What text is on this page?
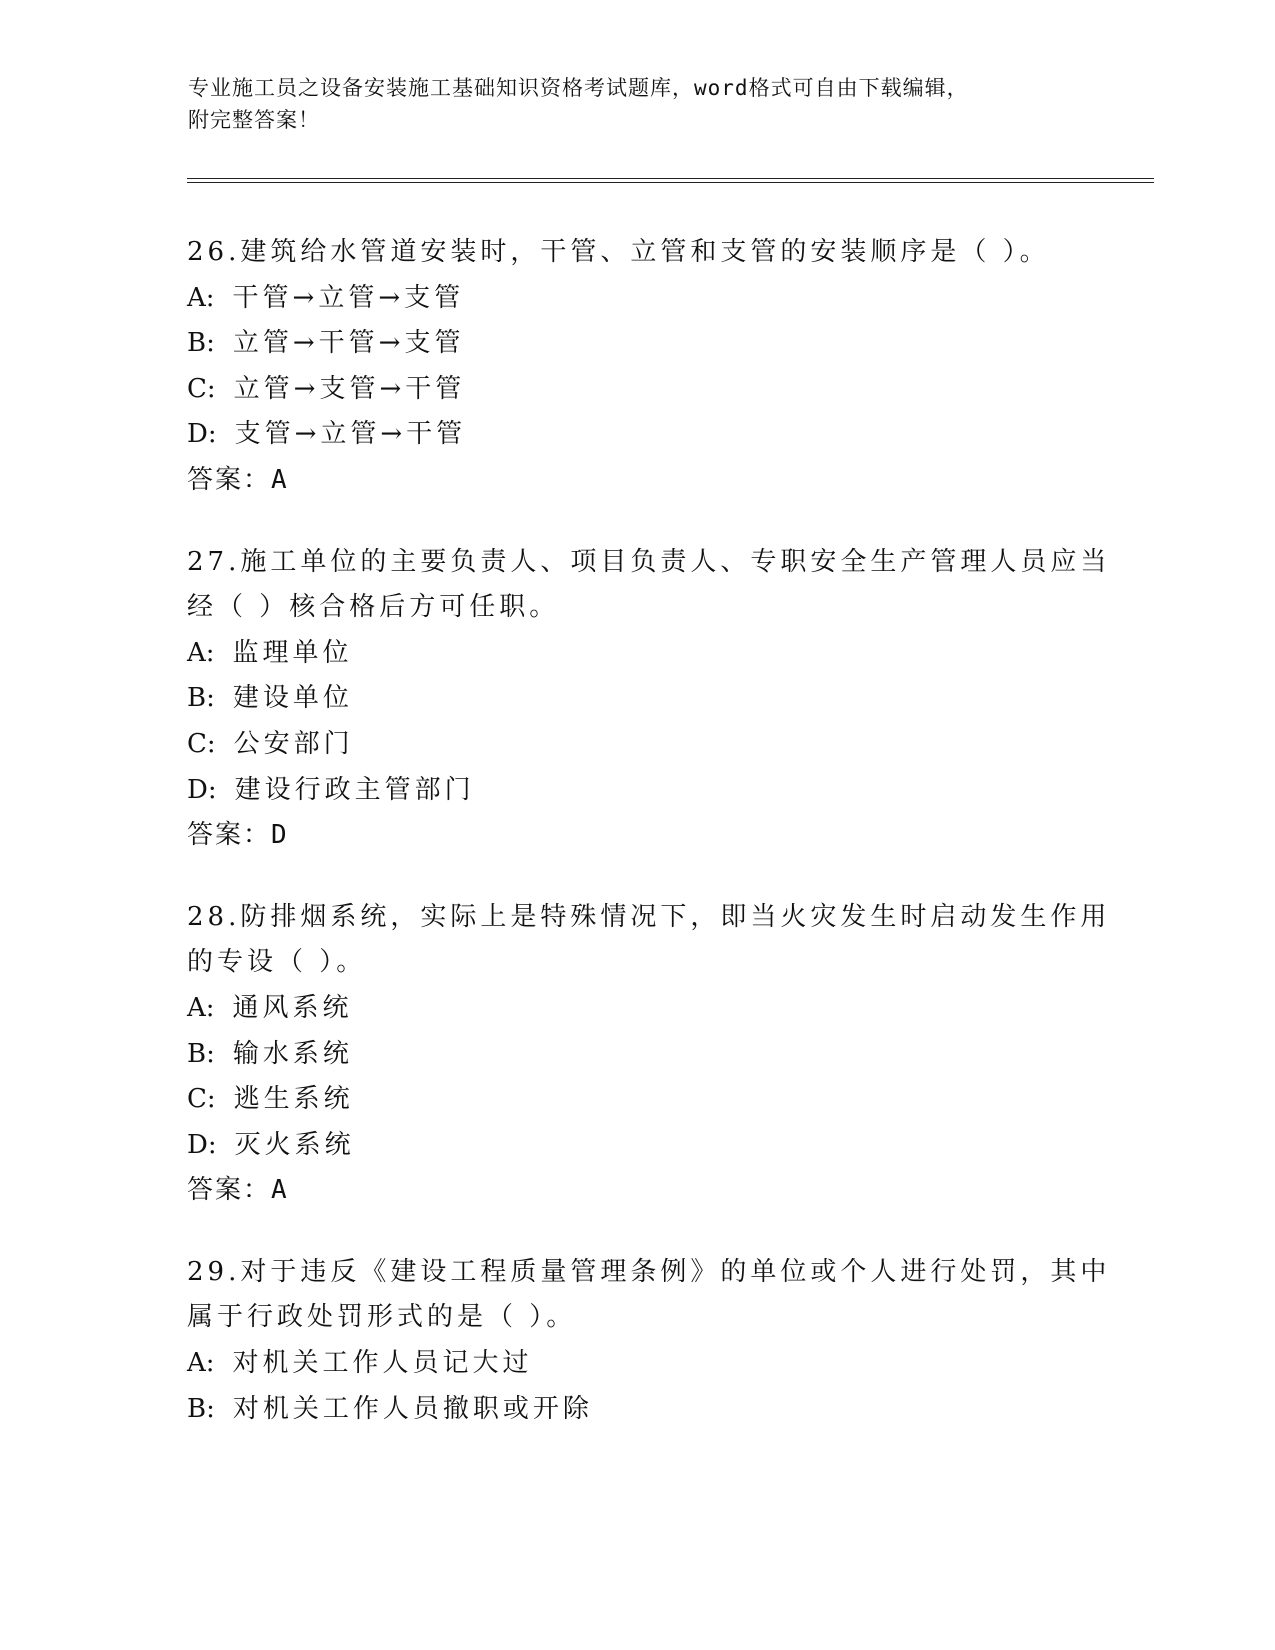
专业施工员之设备安装施工基础知识资格考试题库，word格式可自由下载编辑，
附完整答案！
26.建筑给水管道安装时，干管、立管和支管的安装顺序是（ ）。
A: 干管→立管→支管
B: 立管→干管→支管
C: 立管→支管→干管
D: 支管→立管→干管
答案：A
27.施工单位的主要负责人、项目负责人、专职安全生产管理人员应当
经（ ）核合格后方可任职。
A: 监理单位
B: 建设单位
C: 公安部门
D: 建设行政主管部门
答案：D
28.防排烟系统，实际上是特殊情况下，即当火灾发生时启动发生作用
的专设（ ）。
A: 通风系统
B: 输水系统
C: 逃生系统
D: 灭火系统
答案：A
29.对于违反《建设工程质量管理条例》的单位或个人进行处罚，其中
属于行政处罚形式的是（ ）。
A: 对机关工作人员记大过
B: 对机关工作人员撤职或开除
